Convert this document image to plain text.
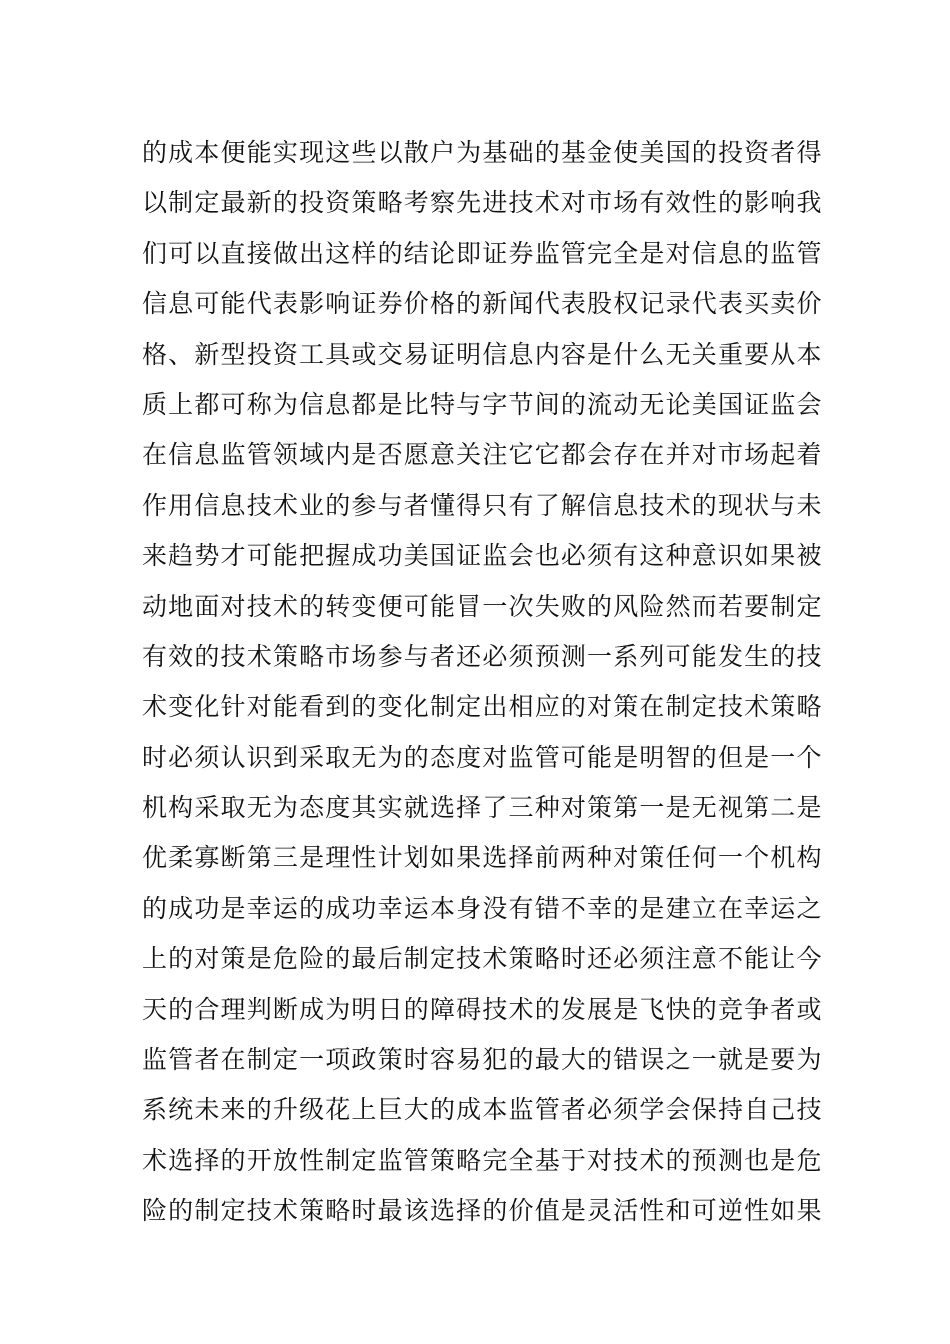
的成本便能实现这些以散户为基础的基金使美国的投资者得
以制定最新的投资策略考察先进技术对市场有效性的影响我
们可以直接做出这样的结论即证券监管完全是对信息的监管
信息可能代表影响证券价格的新闻代表股权记录代表买卖价
格、新型投资工具或交易证明信息内容是什么无关重要从本
质上都可称为信息都是比特与字节间的流动无论美国证监会
在信息监管领域内是否愿意关注它它都会存在并对市场起着
作用信息技术业的参与者懂得只有了解信息技术的现状与未
来趋势才可能把握成功美国证监会也必须有这种意识如果被
动地面对技术的转变便可能冒一次失败的风险然而若要制定
有效的技术策略市场参与者还必须预测一系列可能发生的技
术变化针对能看到的变化制定出相应的对策在制定技术策略
时必须认识到采取无为的态度对监管可能是明智的但是一个
机构采取无为态度其实就选择了三种对策第一是无视第二是
优柔寡断第三是理性计划如果选择前两种对策任何一个机构
的成功是幸运的成功幸运本身没有错不幸的是建立在幸运之
上的对策是危险的最后制定技术策略时还必须注意不能让今
天的合理判断成为明日的障碍技术的发展是飞快的竞争者或
监管者在制定一项政策时容易犯的最大的错误之一就是要为
系统未来的升级花上巨大的成本监管者必须学会保持自己技
术选择的开放性制定监管策略完全基于对技术的预测也是危
险的制定技术策略时最该选择的价值是灵活性和可逆性如果
